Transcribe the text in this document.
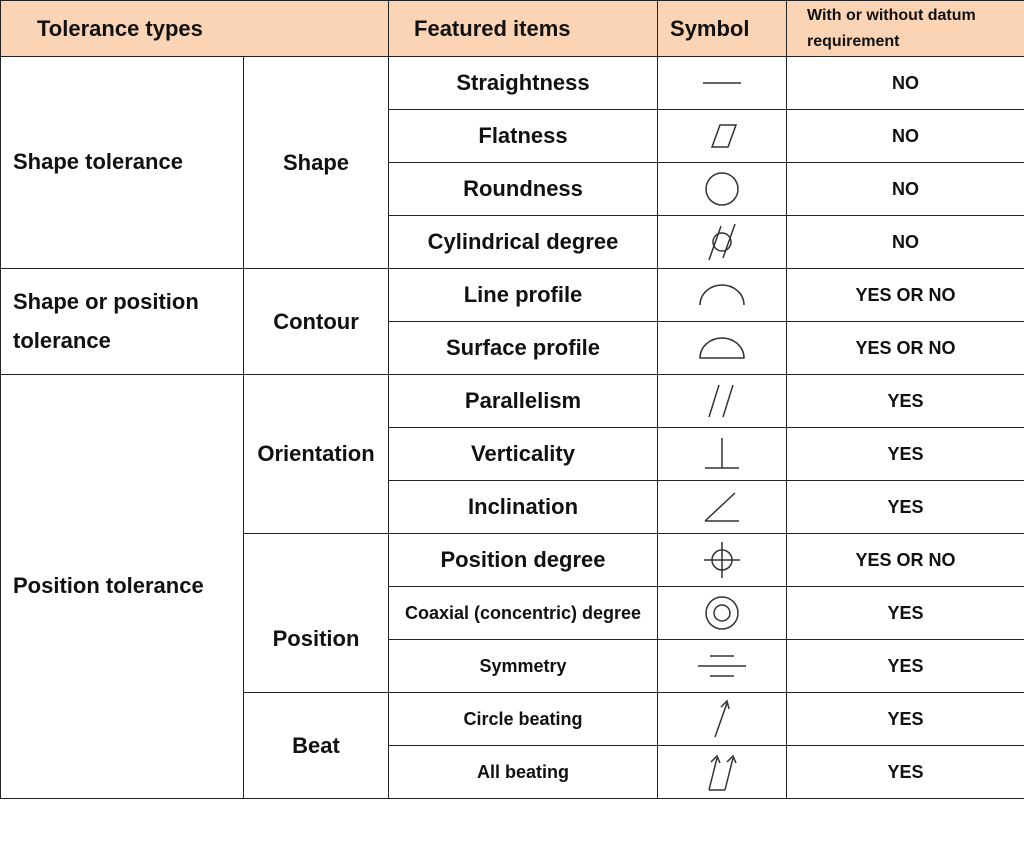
Tolerance types		Featured items	Symbol	With or without datum requirement
Shape tolerance	Shape	Straightness		NO
		Flatness		NO
		Roundness		NO
		Cylindrical degree		NO
Shape or position tolerance	Contour	Line profile		YES OR NO
		Surface profile		YES OR NO
Position tolerance	Orientation	Parallelism		YES
		Verticality		YES
		Inclination		YES
	Position	Position degree		YES OR NO
		Coaxial (concentric) degree		YES
		Symmetry		YES
	Beat	Circle beating		YES
		All beating		YES
